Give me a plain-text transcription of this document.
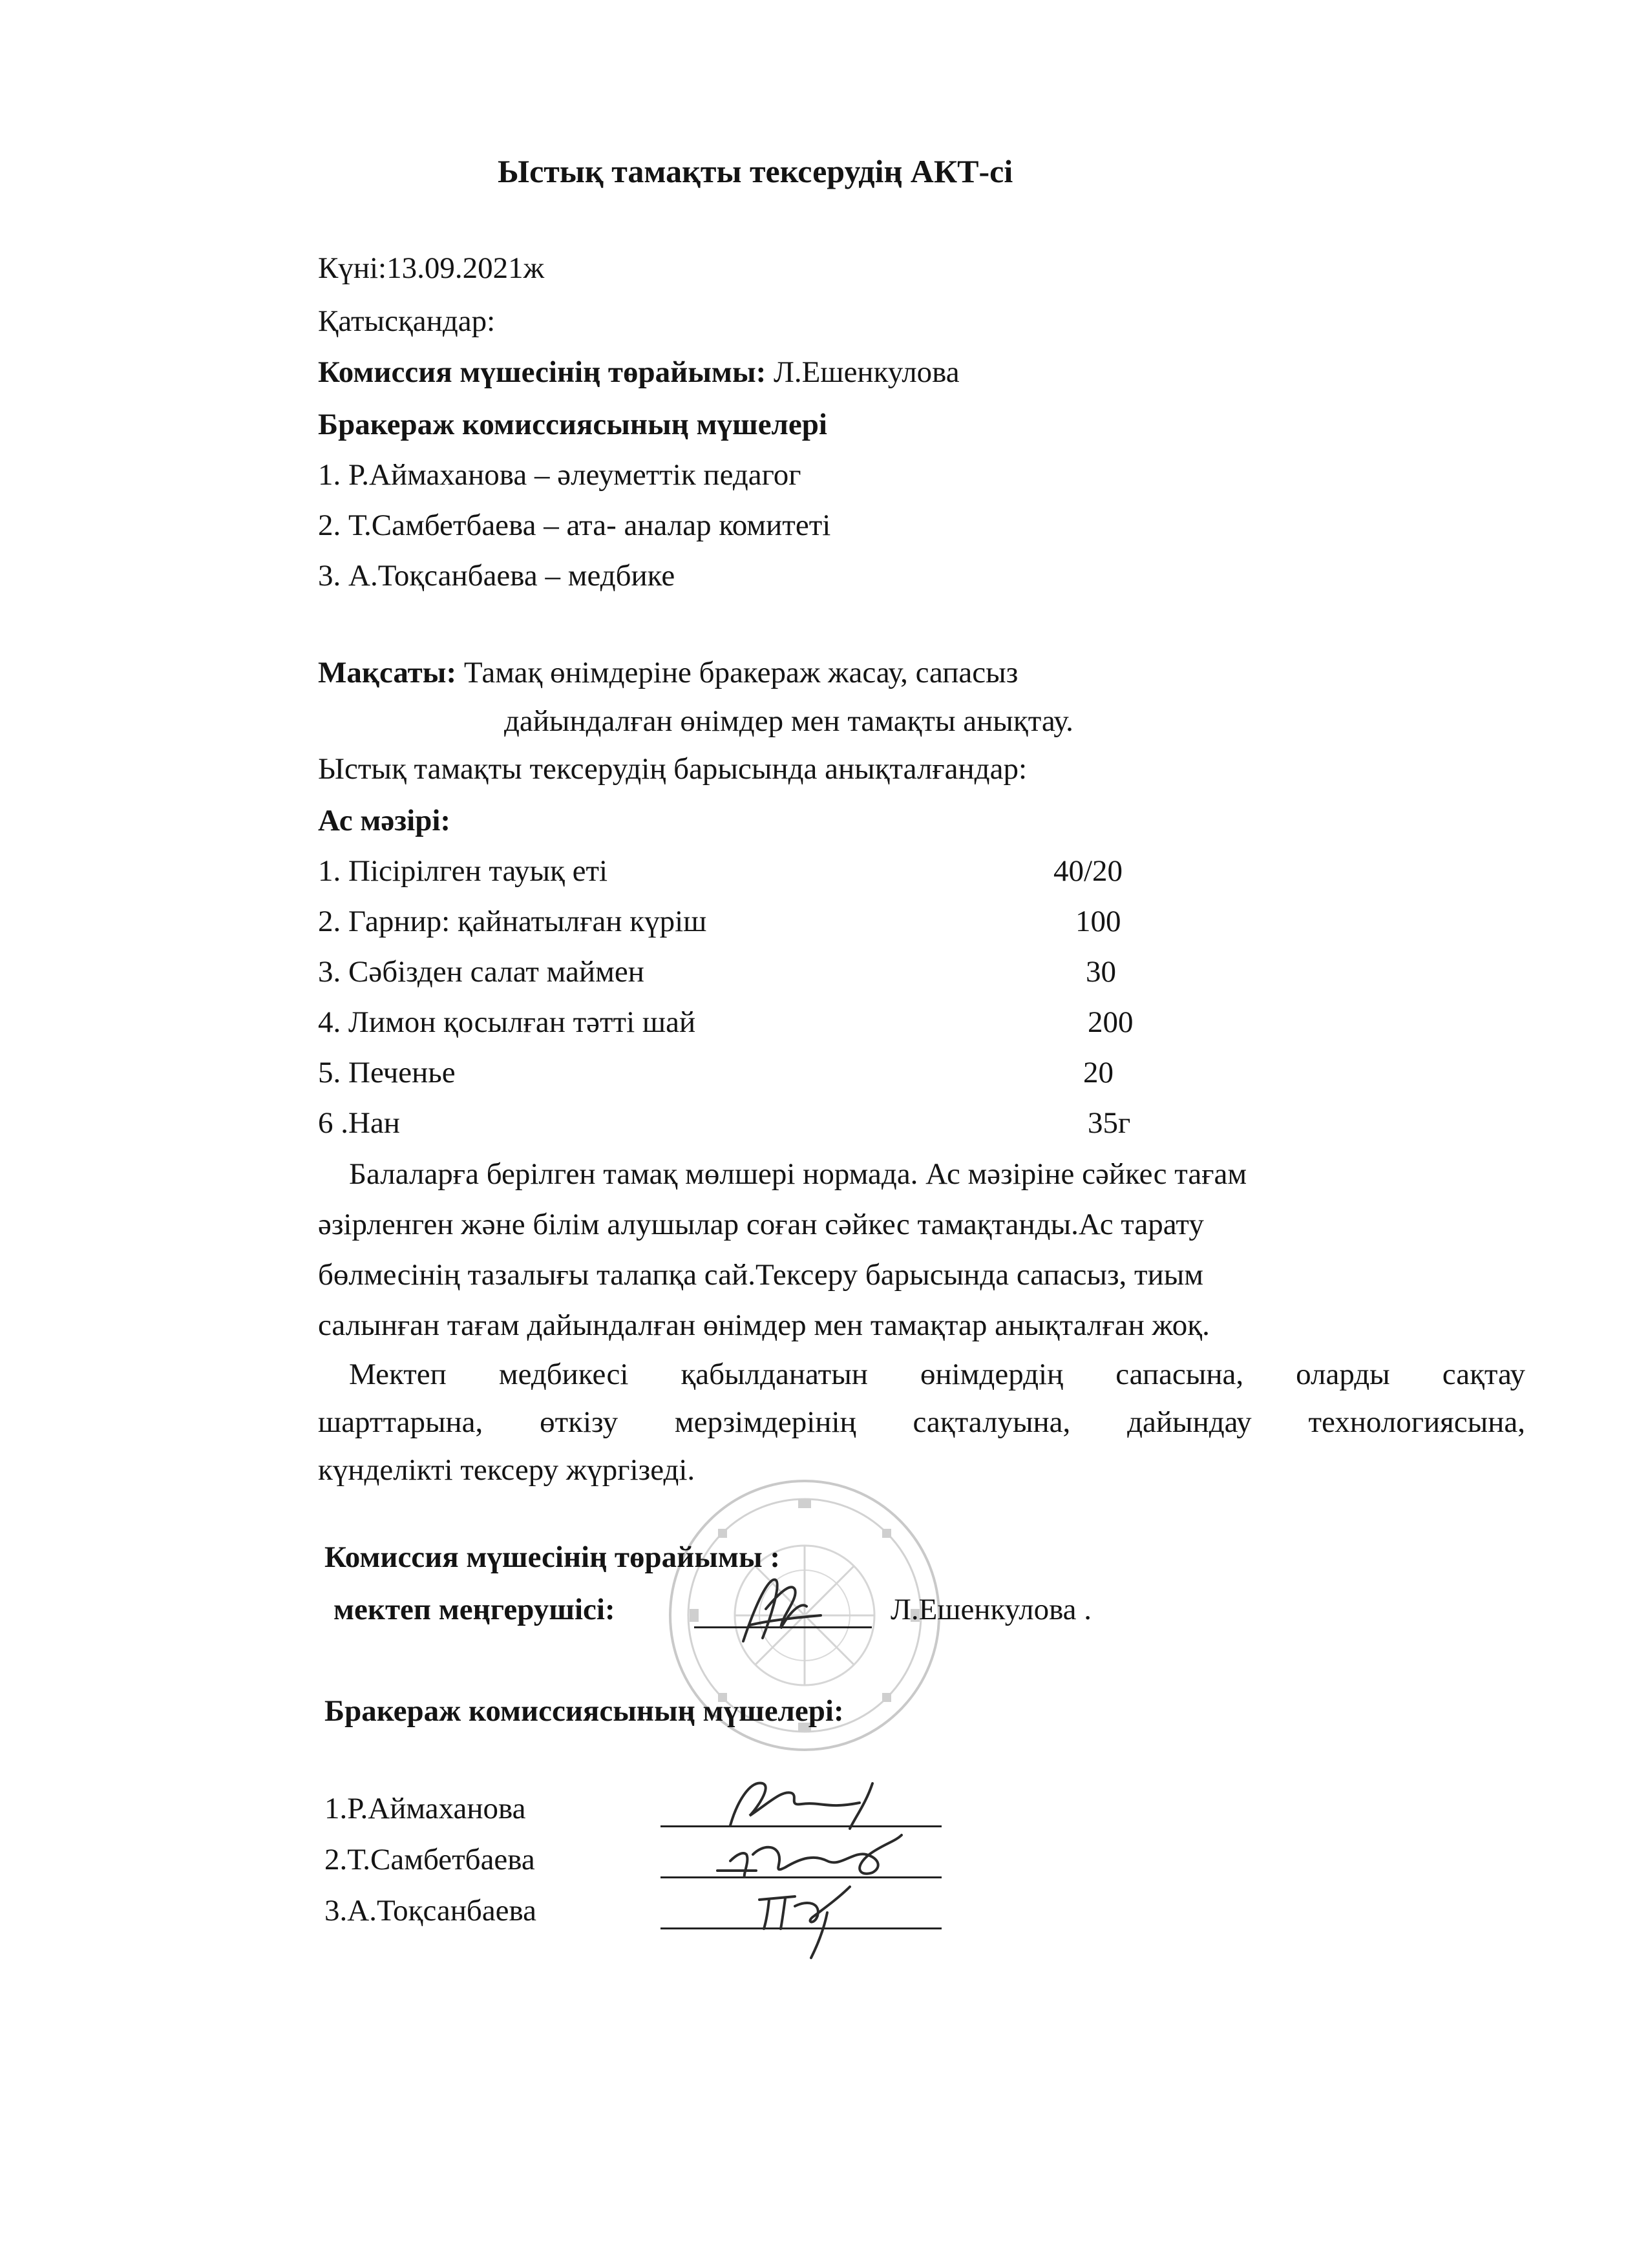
Ыстық тамақты тексерудің АКТ-сі
Күні:13.09.2021ж
Қатысқандар:
Комиссия мүшесінің төрайымы: Л.Ешенкулова
Бракераж комиссиясының мүшелері
1. Р.Аймаханова – әлеуметтік педагог
2. Т.Самбетбаева – ата- аналар комитеті
3. А.Тоқсанбаева – медбике
Мақсаты: Тамақ өнімдеріне бракераж жасау, сапасыз
дайындалған өнімдер мен тамақты анықтау.
Ыстық тамақты тексерудің барысында анықталғандар:
Ас мәзірі:
1. Пісірілген тауық еті	40/20
2. Гарнир: қайнатылған күріш	100
3. Сәбізден салат маймен	30
4. Лимон қосылған тәтті шай	200
5. Печенье	20
6 .Нан	35г
Балаларға берілген тамақ мөлшері нормада. Ас мәзіріне сәйкес тағам
әзірленген және білім алушылар соған сәйкес тамақтанды.Ас тарату
бөлмесінің тазалығы талапқа сай.Тексеру барысында сапасыз, тиым
салынған тағам дайындалған өнімдер мен тамақтар анықталған жоқ.
Мектеп медбикесі қабылданатын өнімдердің сапасына, оларды сақтау
шарттарына, өткізу мерзімдерінің сақталуына, дайындау технологиясына,
күнделікті тексеру жүргізеді.
Комиссия мүшесінің төрайымы :
мектеп меңгерушісі:	Л.Ешенкулова .
Бракераж комиссиясының мүшелері:
1.Р.Аймаханова
2.Т.Самбетбаева
3.А.Тоқсанбаева
